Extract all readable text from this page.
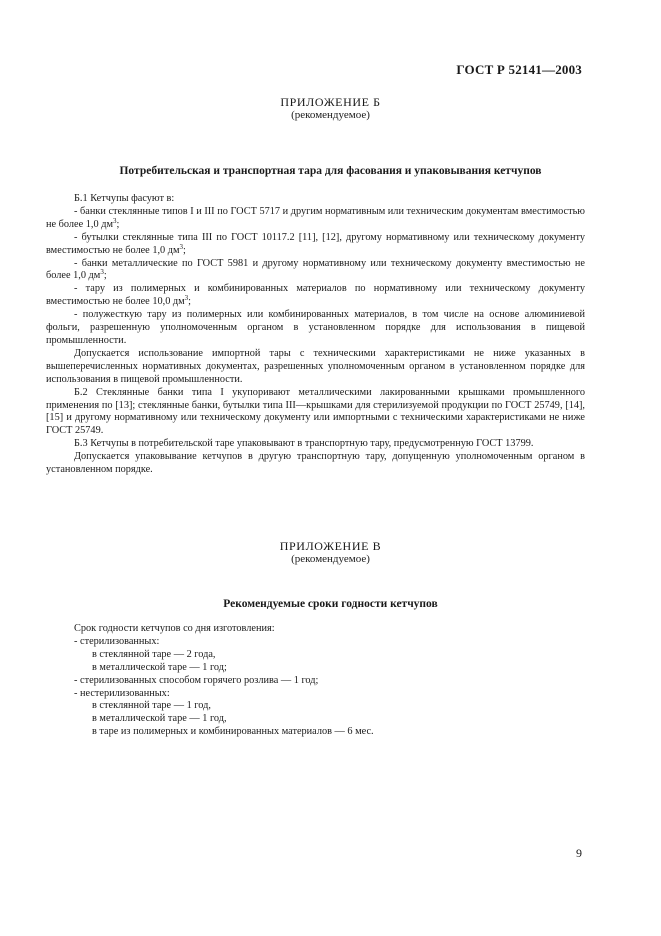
ГОСТ Р 52141—2003
ПРИЛОЖЕНИЕ Б
(рекомендуемое)
Потребительская и транспортная тара для фасования и упаковывания кетчупов

Б.1 Кетчупы фасуют в:

- банки стеклянные типов I и III по ГОСТ 5717 и другим нормативным или техническим документам вместимостью не более 1,0 $дм^3$;

- бутылки стеклянные типа III по ГОСТ 10117.2 [11], [12], другому нормативному или техническому документу вместимостью не более 1,0 $дм^3$;

- банки металлические по ГОСТ 5981 и другому нормативному или техническому документу вместимостью не более 1,0 $дм^3$;

- тару из полимерных и комбинированных материалов по нормативному или техническому документу вместимостью не более 10,0 $дм^3$;

- полужесткую тару из полимерных или комбинированных материалов, в том числе на основе алюминиевой фольги, разрешенную уполномоченным органом в установленном порядке для использования в пищевой промышленности.

Допускается использование импортной тары с техническими характеристиками не ниже указанных в вышеперечисленных нормативных документах, разрешенных уполномоченным органом в установленном порядке для использования в пищевой промышленности.

Б.2 Стеклянные банки типа I укупоривают металлическими лакированными крышками промышленного применения по [13]; стеклянные банки, бутылки типа III—крышками для стерилизуемой продукции по ГОСТ 25749, [14], [15] и другому нормативному или техническому документу или импортными с техническими характеристиками не ниже ГОСТ 25749.

Б.3 Кетчупы в потребительской таре упаковывают в транспортную тару, предусмотренную ГОСТ 13799.

Допускается упаковывание кетчупов в другую транспортную тару, допущенную уполномоченным органом в установленном порядке.

ПРИЛОЖЕНИЕ В
(рекомендуемое)
Рекомендуемые сроки годности кетчупов
Срок годности кетчупов со дня изготовления:
- стерилизованных:
в стеклянной таре — 2 года,
в металлической таре — 1 год;
- стерилизованных способом горячего розлива — 1 год;
- нестерилизованных:
в стеклянной таре — 1 год,
в металлической таре — 1 год,
в таре из полимерных и комбинированных материалов — 6 мес.
9
